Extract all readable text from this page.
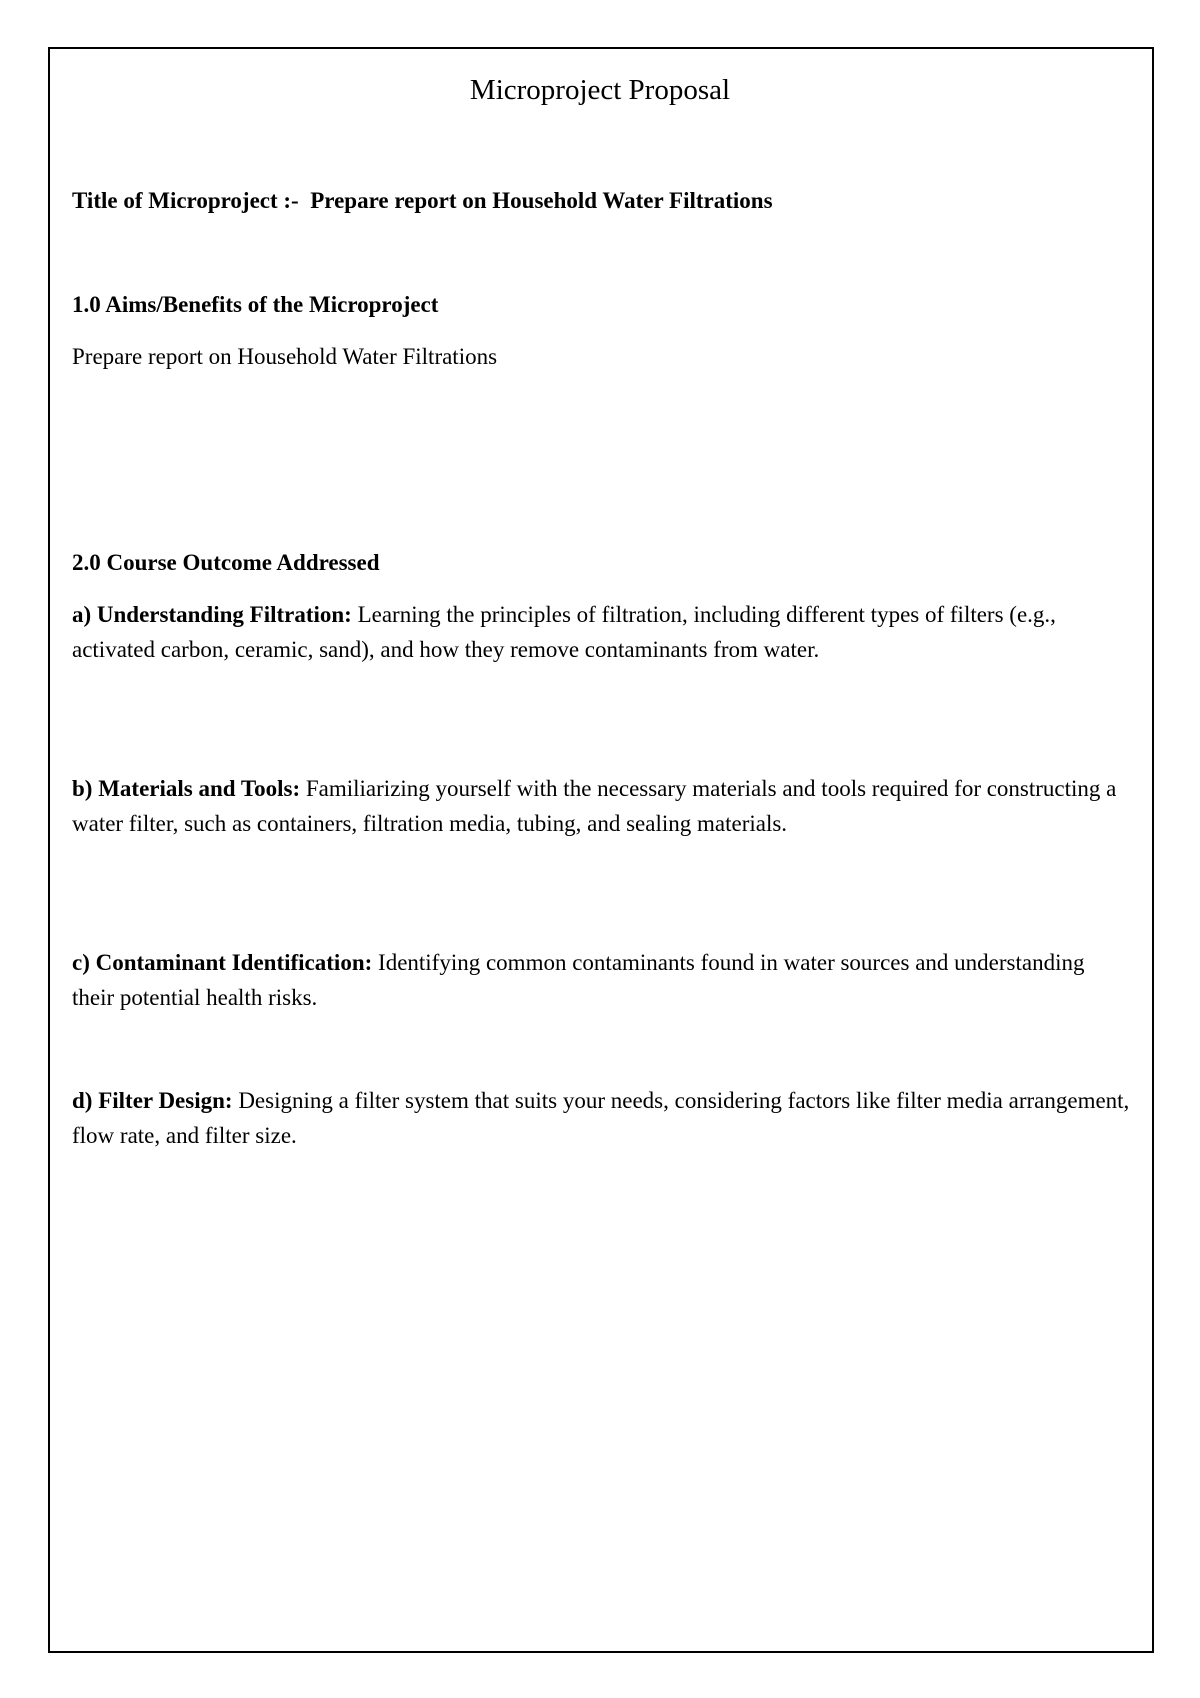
Microproject Proposal
Title of Microproject :-  Prepare report on Household Water Filtrations
1.0 Aims/Benefits of the Microproject
Prepare report on Household Water Filtrations
2.0 Course Outcome Addressed
a) Understanding Filtration: Learning the principles of filtration, including different types of filters (e.g., activated carbon, ceramic, sand), and how they remove contaminants from water.
b) Materials and Tools: Familiarizing yourself with the necessary materials and tools required for constructing a water filter, such as containers, filtration media, tubing, and sealing materials.
c) Contaminant Identification: Identifying common contaminants found in water sources and understanding their potential health risks.
d) Filter Design: Designing a filter system that suits your needs, considering factors like filter media arrangement, flow rate, and filter size.
